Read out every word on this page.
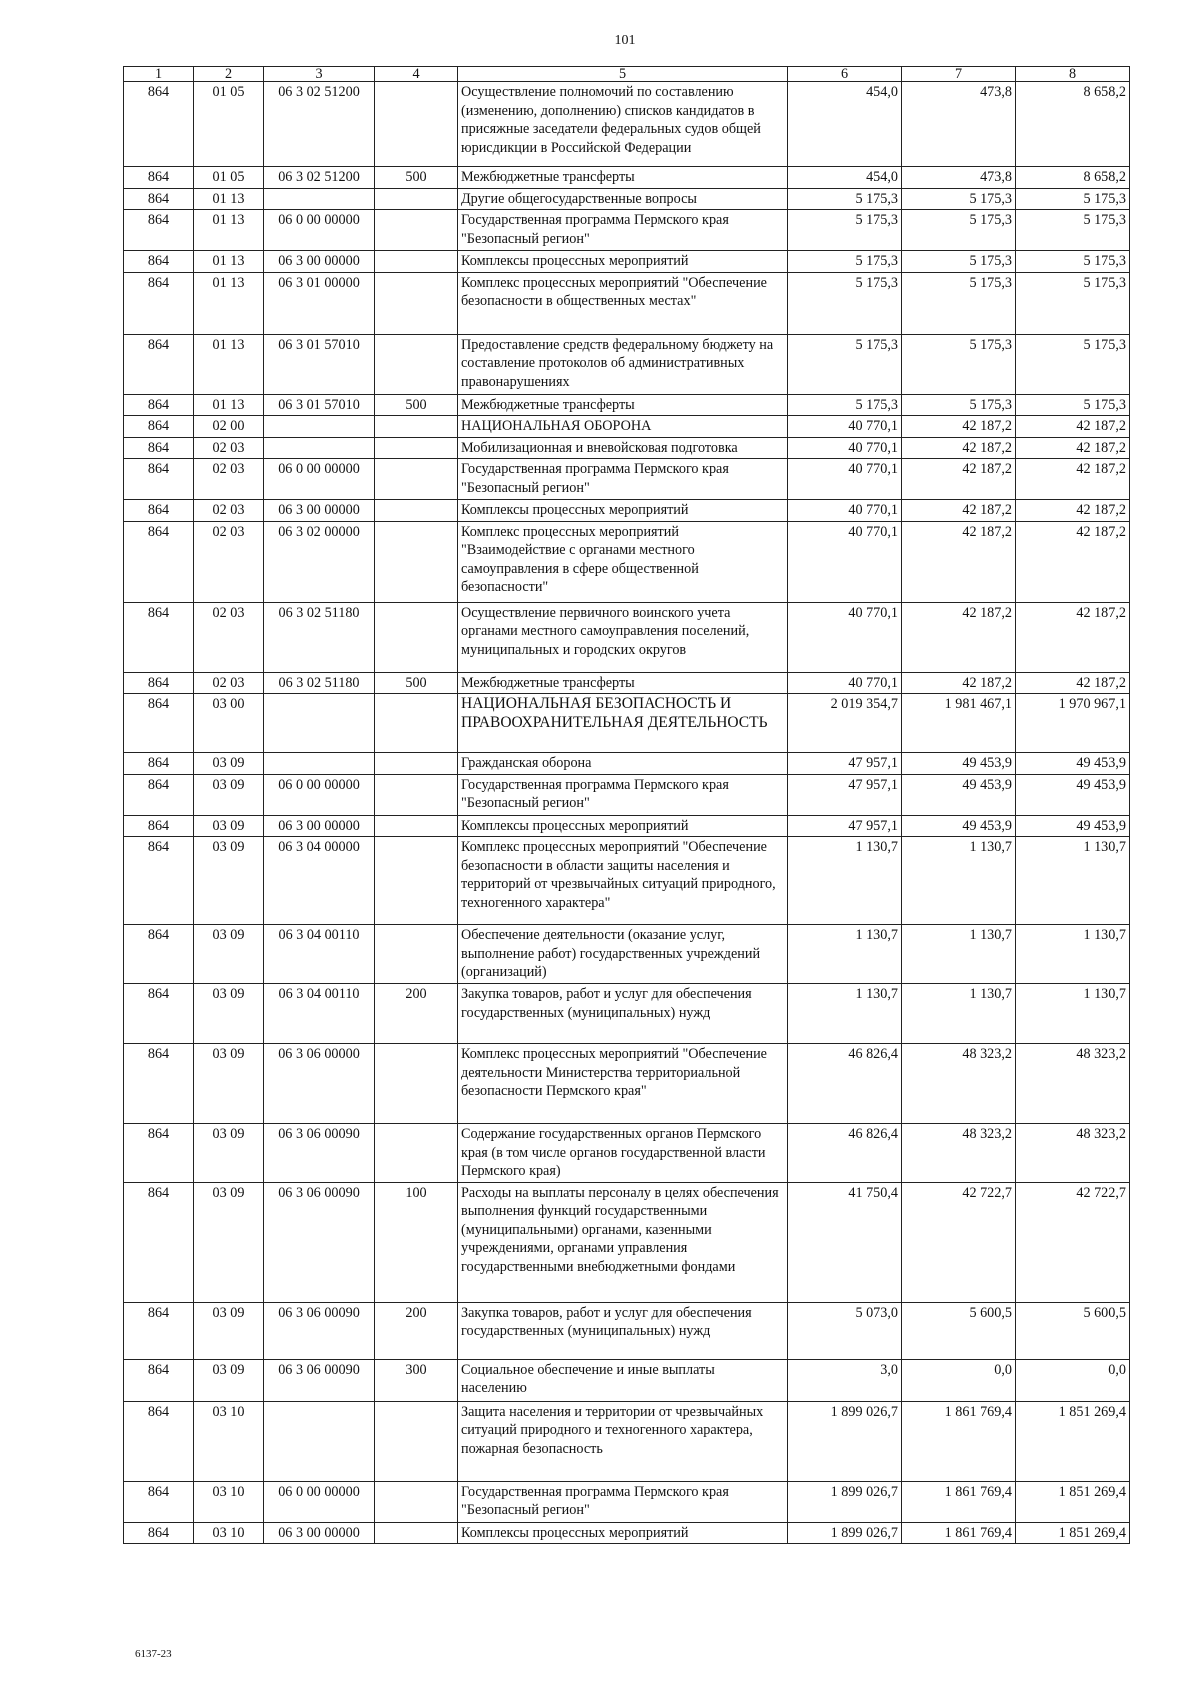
101
1	2	3	4	5	6	7	8
864	01 05	06 3 02 51200		Осуществление полномочий по составлению (изменению, дополнению) списков кандидатов в присяжные заседатели федеральных судов общей юрисдикции в Российской Федерации	454,0	473,8	8 658,2
864	01 05	06 3 02 51200	500	Межбюджетные трансферты	454,0	473,8	8 658,2
864	01 13			Другие общегосударственные вопросы	5 175,3	5 175,3	5 175,3
864	01 13	06 0 00 00000		Государственная программа Пермского края "Безопасный регион"	5 175,3	5 175,3	5 175,3
864	01 13	06 3 00 00000		Комплексы процессных мероприятий	5 175,3	5 175,3	5 175,3
864	01 13	06 3 01 00000		Комплекс процессных мероприятий "Обеспечение безопасности в общественных местах"	5 175,3	5 175,3	5 175,3
864	01 13	06 3 01 57010		Предоставление средств федеральному бюджету на составление протоколов об административных правонарушениях	5 175,3	5 175,3	5 175,3
864	01 13	06 3 01 57010	500	Межбюджетные трансферты	5 175,3	5 175,3	5 175,3
864	02 00			НАЦИОНАЛЬНАЯ ОБОРОНА	40 770,1	42 187,2	42 187,2
864	02 03			Мобилизационная и вневойсковая подготовка	40 770,1	42 187,2	42 187,2
864	02 03	06 0 00 00000		Государственная программа Пермского края "Безопасный регион"	40 770,1	42 187,2	42 187,2
864	02 03	06 3 00 00000		Комплексы процессных мероприятий	40 770,1	42 187,2	42 187,2
864	02 03	06 3 02 00000		Комплекс процессных мероприятий "Взаимодействие с органами местного самоуправления в сфере общественной безопасности"	40 770,1	42 187,2	42 187,2
864	02 03	06 3 02 51180		Осуществление первичного воинского учета органами местного самоуправления поселений, муниципальных и городских округов	40 770,1	42 187,2	42 187,2
864	02 03	06 3 02 51180	500	Межбюджетные трансферты	40 770,1	42 187,2	42 187,2
864	03 00			НАЦИОНАЛЬНАЯ БЕЗОПАСНОСТЬ И ПРАВООХРАНИТЕЛЬНАЯ ДЕЯТЕЛЬНОСТЬ	2 019 354,7	1 981 467,1	1 970 967,1
864	03 09			Гражданская оборона	47 957,1	49 453,9	49 453,9
864	03 09	06 0 00 00000		Государственная программа Пермского края "Безопасный регион"	47 957,1	49 453,9	49 453,9
864	03 09	06 3 00 00000		Комплексы процессных мероприятий	47 957,1	49 453,9	49 453,9
864	03 09	06 3 04 00000		Комплекс процессных мероприятий "Обеспечение безопасности в области защиты населения и территорий от чрезвычайных ситуаций природного, техногенного характера"	1 130,7	1 130,7	1 130,7
864	03 09	06 3 04 00110		Обеспечение деятельности (оказание услуг, выполнение работ) государственных учреждений (организаций)	1 130,7	1 130,7	1 130,7
864	03 09	06 3 04 00110	200	Закупка товаров, работ и услуг для обеспечения государственных (муниципальных) нужд	1 130,7	1 130,7	1 130,7
864	03 09	06 3 06 00000		Комплекс процессных мероприятий "Обеспечение деятельности Министерства территориальной безопасности Пермского края"	46 826,4	48 323,2	48 323,2
864	03 09	06 3 06 00090		Содержание государственных органов Пермского края (в том числе органов государственной власти Пермского края)	46 826,4	48 323,2	48 323,2
864	03 09	06 3 06 00090	100	Расходы на выплаты персоналу в целях обеспечения выполнения функций государственными (муниципальными) органами, казенными учреждениями, органами управления государственными внебюджетными фондами	41 750,4	42 722,7	42 722,7
864	03 09	06 3 06 00090	200	Закупка товаров, работ и услуг для обеспечения государственных (муниципальных) нужд	5 073,0	5 600,5	5 600,5
864	03 09	06 3 06 00090	300	Социальное обеспечение и иные выплаты населению	3,0	0,0	0,0
864	03 10			Защита населения и территории от чрезвычайных ситуаций природного и техногенного характера, пожарная безопасность	1 899 026,7	1 861 769,4	1 851 269,4
864	03 10	06 0 00 00000		Государственная программа Пермского края "Безопасный регион"	1 899 026,7	1 861 769,4	1 851 269,4
864	03 10	06 3 00 00000		Комплексы процессных мероприятий	1 899 026,7	1 861 769,4	1 851 269,4
6137-23
